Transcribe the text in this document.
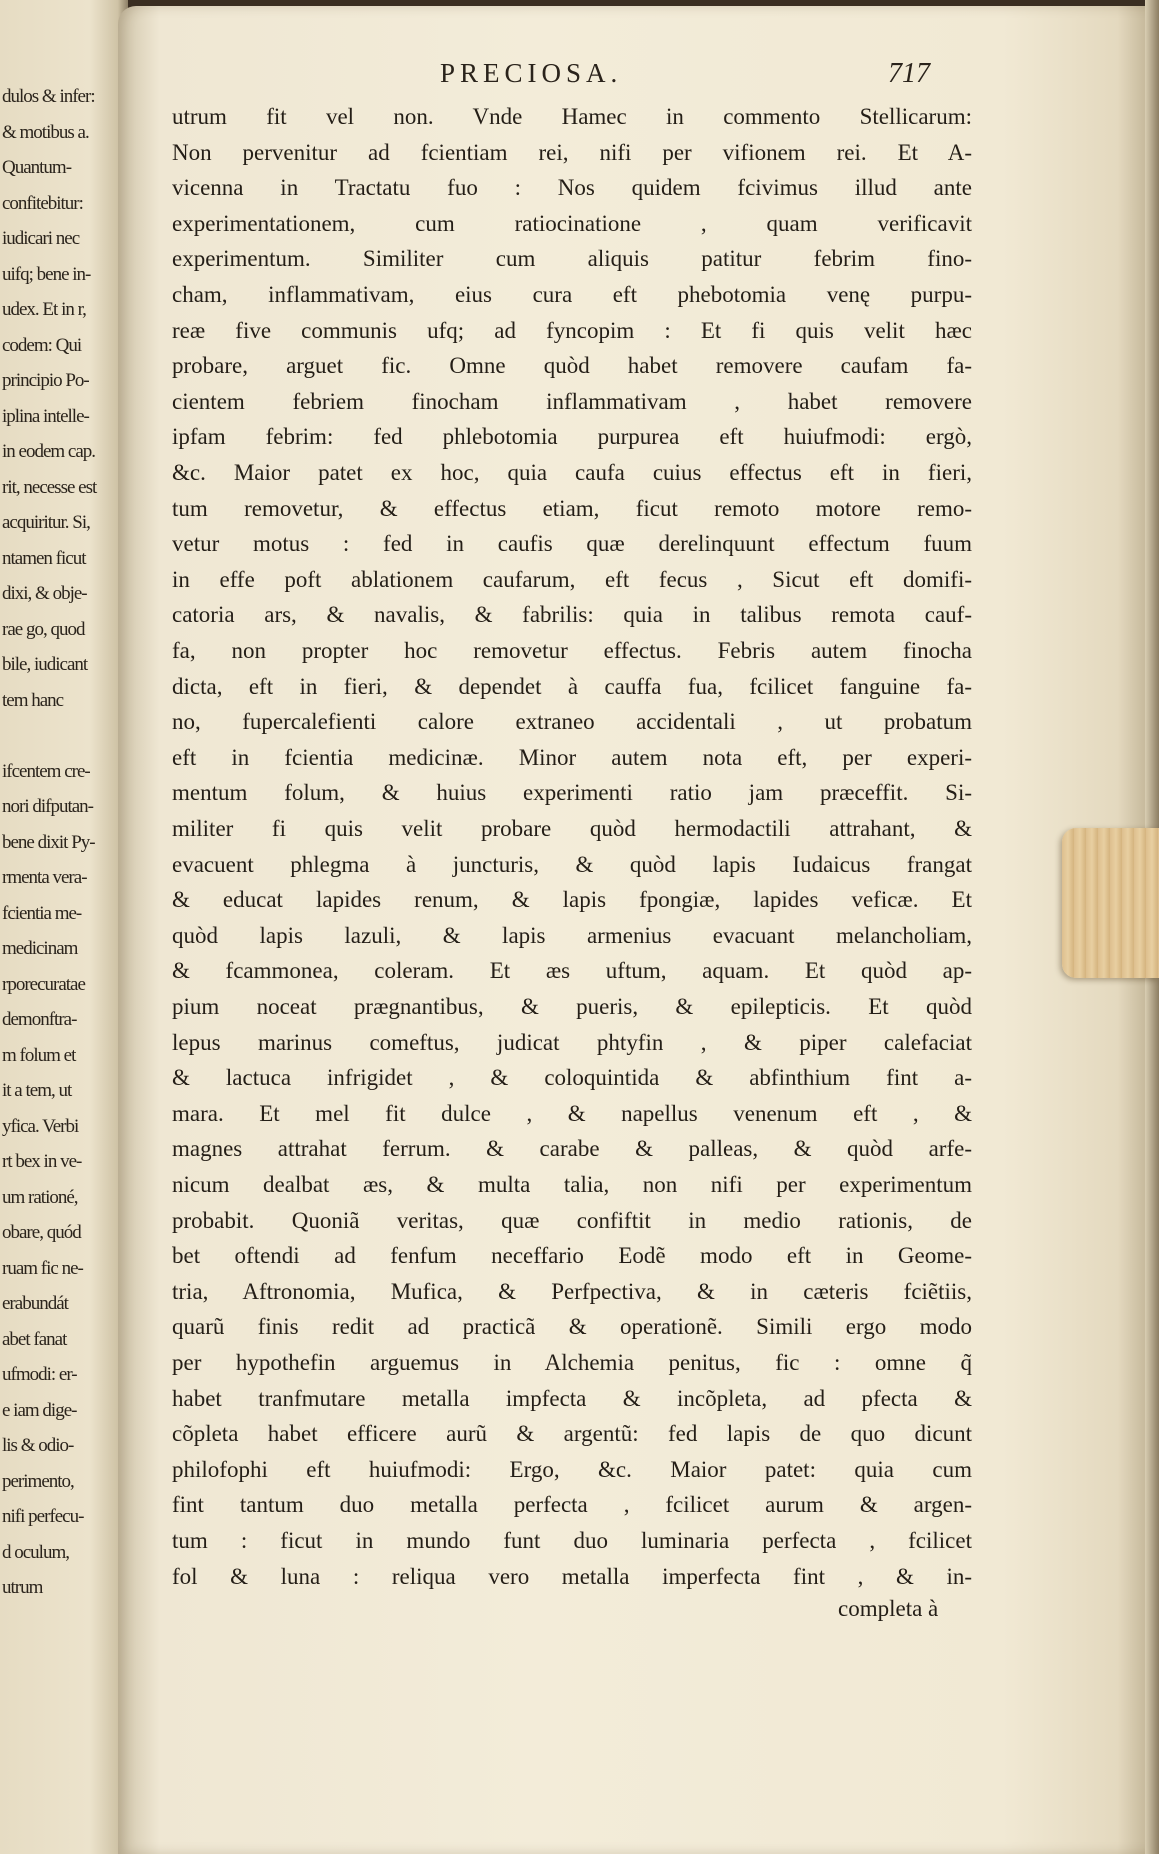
dulos & infer:
& motibus a.
Quantum-
confitebitur:
iudicari nec
uifq; bene in-
udex. Et in r,
codem: Qui
principio Po-
iplina intelle-
in eodem cap.
rit, necesse est
acquiritur. Si,
ntamen ficut
dixi, & obje-
rae go, quod
bile, iudicant
tem hanc
ifcentem cre-
nori difputan-
bene dixit Py-
rmenta vera-
fcientia me-
medicinam
rporecuratae
demonftra-
m folum et
it a tem, ut
yfica. Verbi
rt bex in ve-
um rationé,
obare, quód
ruam fic ne-
erabundát
abet fanat
ufmodi: er-
e iam dige-
lis & odio-
perimento,
nifi perfecu-
d oculum,
utrum
PRECIOSA.	717
utrum fit vel non. Vnde Hamec in commento Stellicarum:
Non pervenitur ad fcientiam rei, nifi per vifionem rei. Et A-
vicenna in Tractatu fuo : Nos quidem fcivimus illud ante
experimentationem, cum ratiocinatione , quam verificavit
experimentum. Similiter cum aliquis patitur febrim fino-
cham, inflammativam, eius cura eft phebotomia venę purpu-
reæ five communis ufq; ad fyncopim : Et fi quis velit hæc
probare, arguet fic. Omne quòd habet removere caufam fa-
cientem febriem finocham inflammativam , habet removere
ipfam febrim: fed phlebotomia purpurea eft huiufmodi: ergò,
&c. Maior patet ex hoc, quia caufa cuius effectus eft in fieri,
tum removetur, & effectus etiam, ficut remoto motore remo-
vetur motus : fed in caufis quæ derelinquunt effectum fuum
in effe poft ablationem caufarum, eft fecus , Sicut eft domifi-
catoria ars, & navalis, & fabrilis: quia in talibus remota cauf-
fa, non propter hoc removetur effectus. Febris autem finocha
dicta, eft in fieri, & dependet à cauffa fua, fcilicet fanguine fa-
no, fupercalefienti calore extraneo accidentali , ut probatum
eft in fcientia medicinæ. Minor autem nota eft, per experi-
mentum folum, & huius experimenti ratio jam præceffit. Si-
militer fi quis velit probare quòd hermodactili attrahant, &
evacuent phlegma à juncturis, & quòd lapis Iudaicus frangat
& educat lapides renum, & lapis fpongiæ, lapides veficæ. Et
quòd lapis lazuli, & lapis armenius evacuant melancholiam,
& fcammonea, coleram. Et æs uftum, aquam. Et quòd ap-
pium noceat prægnantibus, & pueris, & epilepticis. Et quòd
lepus marinus comeftus, judicat phtyfin , & piper calefaciat
& lactuca infrigidet , & coloquintida & abfinthium fint a-
mara. Et mel fit dulce , & napellus venenum eft , &
magnes attrahat ferrum. & carabe & palleas, & quòd arfe-
nicum dealbat æs, & multa talia, non nifi per experimentum
probabit. Quoniã veritas, quæ confiftit in medio rationis, de
bet oftendi ad fenfum neceffario Eodẽ modo eft in Geome-
tria, Aftronomia, Mufica, & Perfpectiva, & in cæteris fciẽtiis,
quarũ finis redit ad practicã & operationẽ. Simili ergo modo
per hypothefin arguemus in Alchemia penitus, fic : omne q̃
habet tranfmutare metalla impfecta & incõpleta, ad pfecta &
cõpleta habet efficere aurũ & argentũ: fed lapis de quo dicunt
philofophi eft huiufmodi: Ergo, &c. Maior patet: quia cum
fint tantum duo metalla perfecta , fcilicet aurum & argen-
tum : ficut in mundo funt duo luminaria perfecta , fcilicet
fol & luna : reliqua vero metalla imperfecta fint , & in-
completa à
